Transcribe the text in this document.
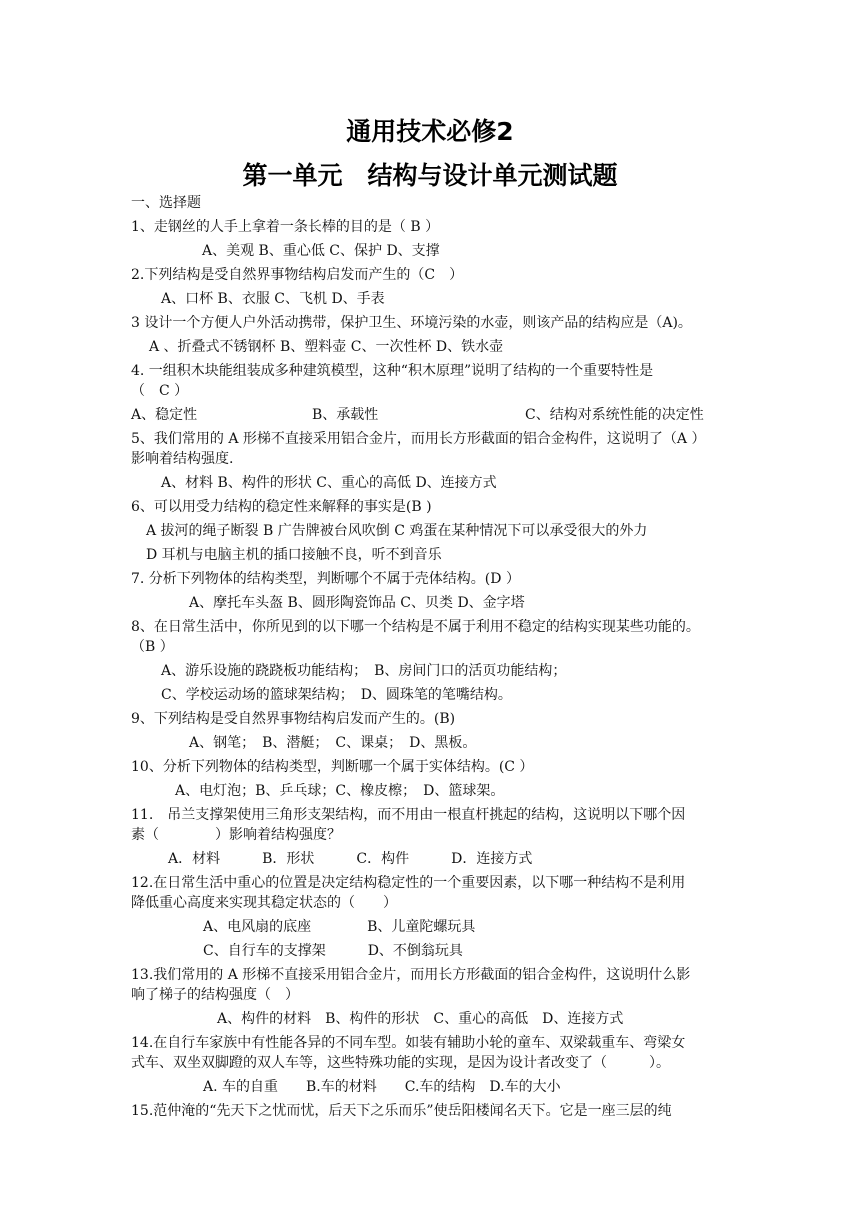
通用技术必修2
第一单元　结构与设计单元测试题
一、选择题
1、走钢丝的人手上拿着一条长棒的目的是（ B ）
A、美观 B、重心低 C、保护 D、支撑
2.下列结构是受自然界事物结构启发而产生的（C　）
A、口杯 B、衣服 C、飞机 D、手表
3 设计一个方便人户外活动携带，保护卫生、环境污染的水壶，则该产品的结构应是（A)。
A 、折叠式不锈钢杯 B、塑料壶 C、一次性杯 D、铁水壶
4. 一组积木块能组装成多种建筑模型，这种“积木原理”说明了结构的一个重要特性是
（　C ）
A、稳定性	B、承载性	C、结构对系统性能的决定性
5、我们常用的 A 形梯不直接采用铝合金片，而用长方形截面的铝合金构件，这说明了（A ）
影响着结构强度.
A、材料 B、构件的形状 C、重心的高低 D、连接方式
6、可以用受力结构的稳定性来解释的事实是(B )
A 拔河的绳子断裂 B 广告牌被台风吹倒 C 鸡蛋在某种情况下可以承受很大的外力
D 耳机与电脑主机的插口接触不良，听不到音乐
7. 分析下列物体的结构类型，判断哪个不属于壳体结构。(D ）
A、摩托车头盔 B、圆形陶瓷饰品 C、贝类 D、金字塔
8、在日常生活中，你所见到的以下哪一个结构是不属于利用不稳定的结构实现某些功能的。
（B ）
A、游乐设施的跷跷板功能结构；　B、房间门口的活页功能结构；
C、学校运动场的篮球架结构；　D、圆珠笔的笔嘴结构。
9、下列结构是受自然界事物结构启发而产生的。(B)
A、钢笔；　B、潜艇；　C、课桌；　D、黑板。
10、分析下列物体的结构类型，判断哪一个属于实体结构。(C ）
A、电灯泡；B、乒乓球；C、橡皮檫；　D、篮球架。
11.　吊兰支撑架使用三角形支架结构，而不用由一根直杆挑起的结构，这说明以下哪个因
素（　　　　）影响着结构强度？
A．材料　　　B．形状　　　C．构件　　　D．连接方式
12.在日常生活中重心的位置是决定结构稳定性的一个重要因素，以下哪一种结构不是利用
降低重心高度来实现其稳定状态的（　　）
A、电风扇的底座　　　　B、儿童陀螺玩具
C、自行车的支撑架　　　D、不倒翁玩具
13.我们常用的 A 形梯不直接采用铝合金片，而用长方形截面的铝合金构件，这说明什么影
响了梯子的结构强度（　）
A、构件的材料　B、构件的形状　C、重心的高低　D、连接方式
14.在自行车家族中有性能各异的不同车型。如装有辅助小轮的童车、双梁载重车、弯梁女
式车、双坐双脚蹬的双人车等，这些特殊功能的实现，是因为设计者改变了（　　　）。
A. 车的自重　　B.车的材料　　C.车的结构　D.车的大小
15.范仲淹的“先天下之忧而忧，后天下之乐而乐”使岳阳楼闻名天下。它是一座三层的纯
